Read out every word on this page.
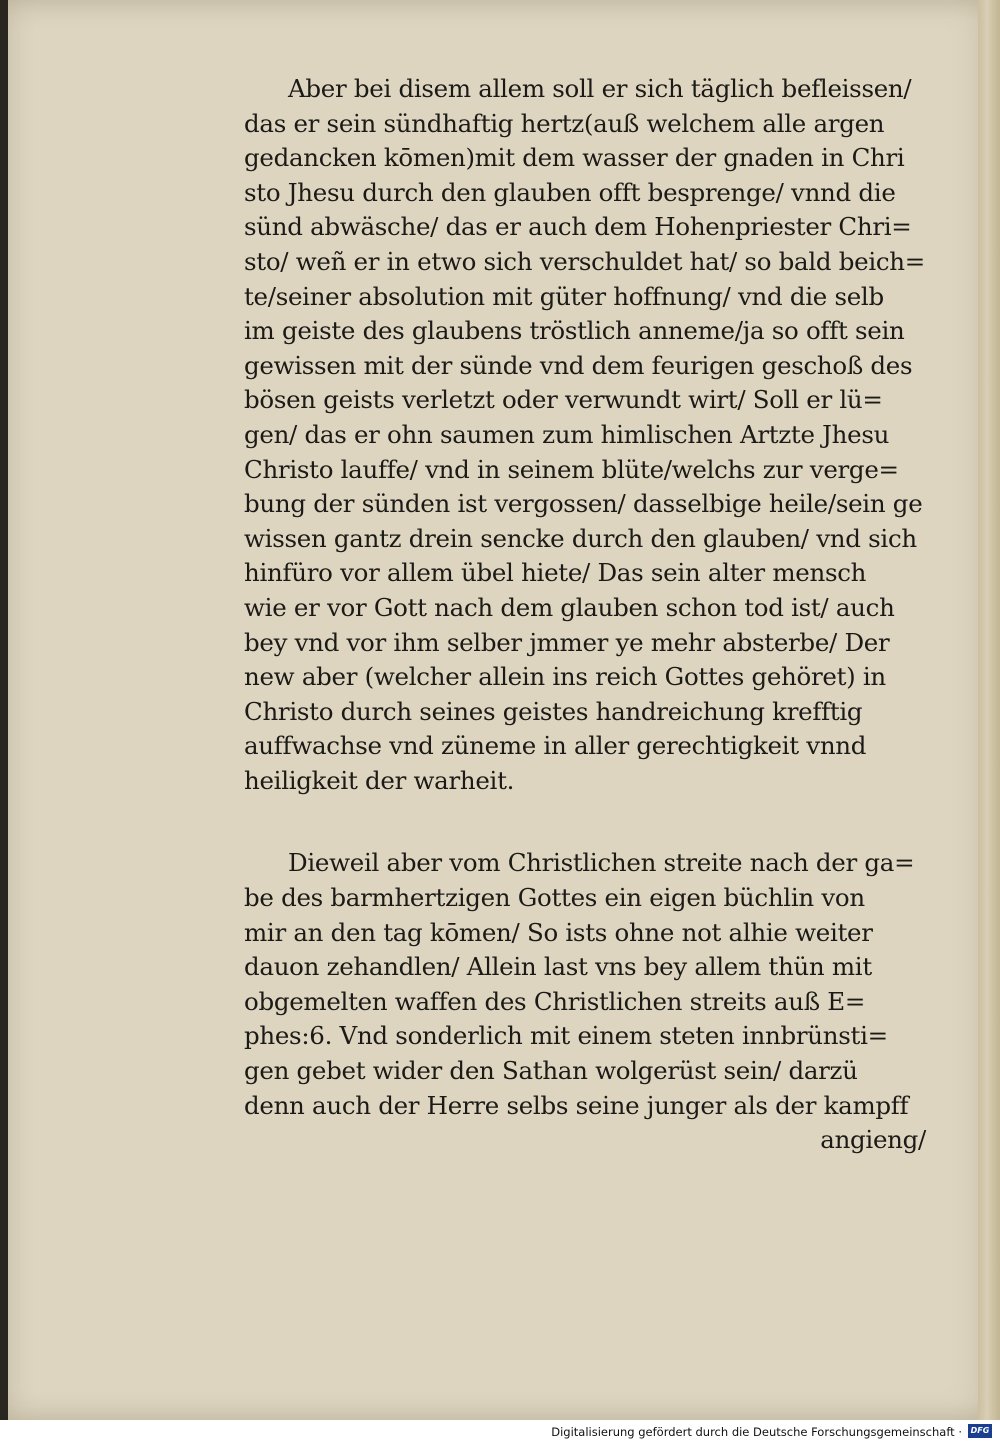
Aber bei disem allem soll er sich täglich befleissen/
das er sein sündhaftig hertz(auß welchem alle argen
gedancken kōmen)mit dem wasser der gnaden in Chri
sto Jhesu durch den glauben offt besprenge/ vnnd die
sünd abwäsche/ das er auch dem Hohenpriester Chri=
sto/ weñ er in etwo sich verschuldet hat/ so bald beich=
te/seiner absolution mit güter hoffnung/ vnd die selb
im geiste des glaubens tröstlich anneme/ja so offt sein
gewissen mit der sünde vnd dem feurigen geschoß des
bösen geists verletzt oder verwundt wirt/ Soll er lü=
gen/ das er ohn saumen zum himlischen Artzte Jhesu
Christo lauffe/ vnd in seinem blüte/welchs zur verge=
bung der sünden ist vergossen/ dasselbige heile/sein ge
wissen gantz drein sencke durch den glauben/ vnd sich
hinfüro vor allem übel hiete/ Das sein alter mensch
wie er vor Gott nach dem glauben schon tod ist/ auch
bey vnd vor ihm selber jmmer ye mehr absterbe/ Der
new aber (welcher allein ins reich Gottes gehöret) in
Christo durch seines geistes handreichung krefftig
auffwachse vnd züneme in aller gerechtigkeit vnnd
heiligkeit der warheit.
Dieweil aber vom Christlichen streite nach der ga=
be des barmhertzigen Gottes ein eigen büchlin von
mir an den tag kōmen/ So ists ohne not alhie weiter
dauon zehandlen/ Allein last vns bey allem thün mit
obgemelten waffen des Christlichen streits auß E=
phes:6. Vnd sonderlich mit einem steten innbrünsti=
gen gebet wider den Sathan wolgerüst sein/ darzü
denn auch der Herre selbs seine junger als der kampff
angieng/
Digitalisierung gefördert durch die Deutsche Forschungsgemeinschaft ·	DFG
